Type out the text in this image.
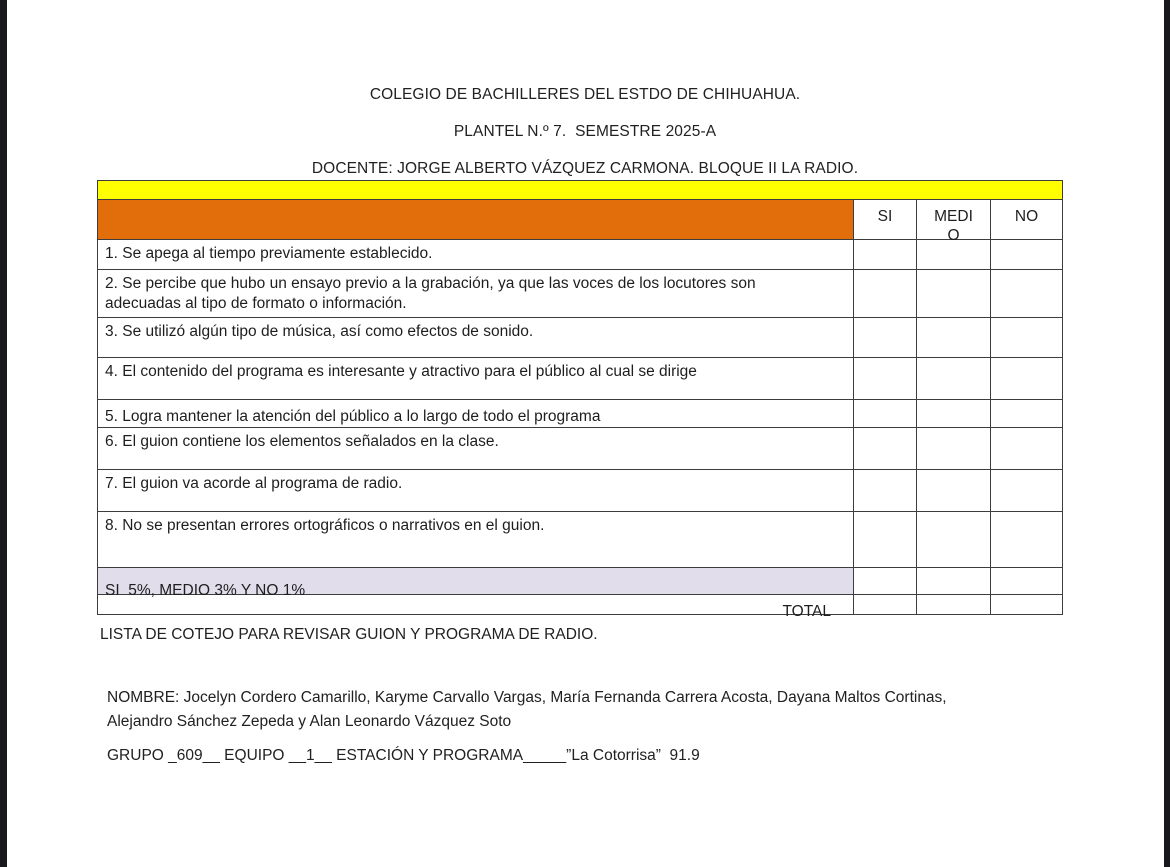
COLEGIO DE BACHILLERES DEL ESTDO DE CHIHUAHUA.
PLANTEL N.º 7.  SEMESTRE 2025-A
DOCENTE: JORGE ALBERTO VÁZQUEZ CARMONA. BLOQUE II LA RADIO.
SI	MEDIO
NO
1. Se apega al tiempo previamente establecido.
2. Se percibe que hubo un ensayo previo a la grabación, ya que las voces de los locutores son adecuadas al tipo de formato o información.
3. Se utilizó algún tipo de música, así como efectos de sonido.
4. El contenido del programa es interesante y atractivo para el público al cual se dirige
5. Logra mantener la atención del público a lo largo de todo el programa
6. El guion contiene los elementos señalados en la clase.
7. El guion va acorde al programa de radio.
8. No se presentan errores ortográficos o narrativos en el guion.
SI  5%, MEDIO 3% Y NO 1%
TOTAL
LISTA DE COTEJO PARA REVISAR GUION Y PROGRAMA DE RADIO.
NOMBRE: Jocelyn Cordero Camarillo, Karyme Carvallo Vargas, María Fernanda Carrera Acosta, Dayana Maltos Cortinas, Alejandro Sánchez Zepeda y Alan Leonardo Vázquez Soto
GRUPO _609__ EQUIPO __1__ ESTACIÓN Y PROGRAMA_____”La Cotorrisa”  91.9
